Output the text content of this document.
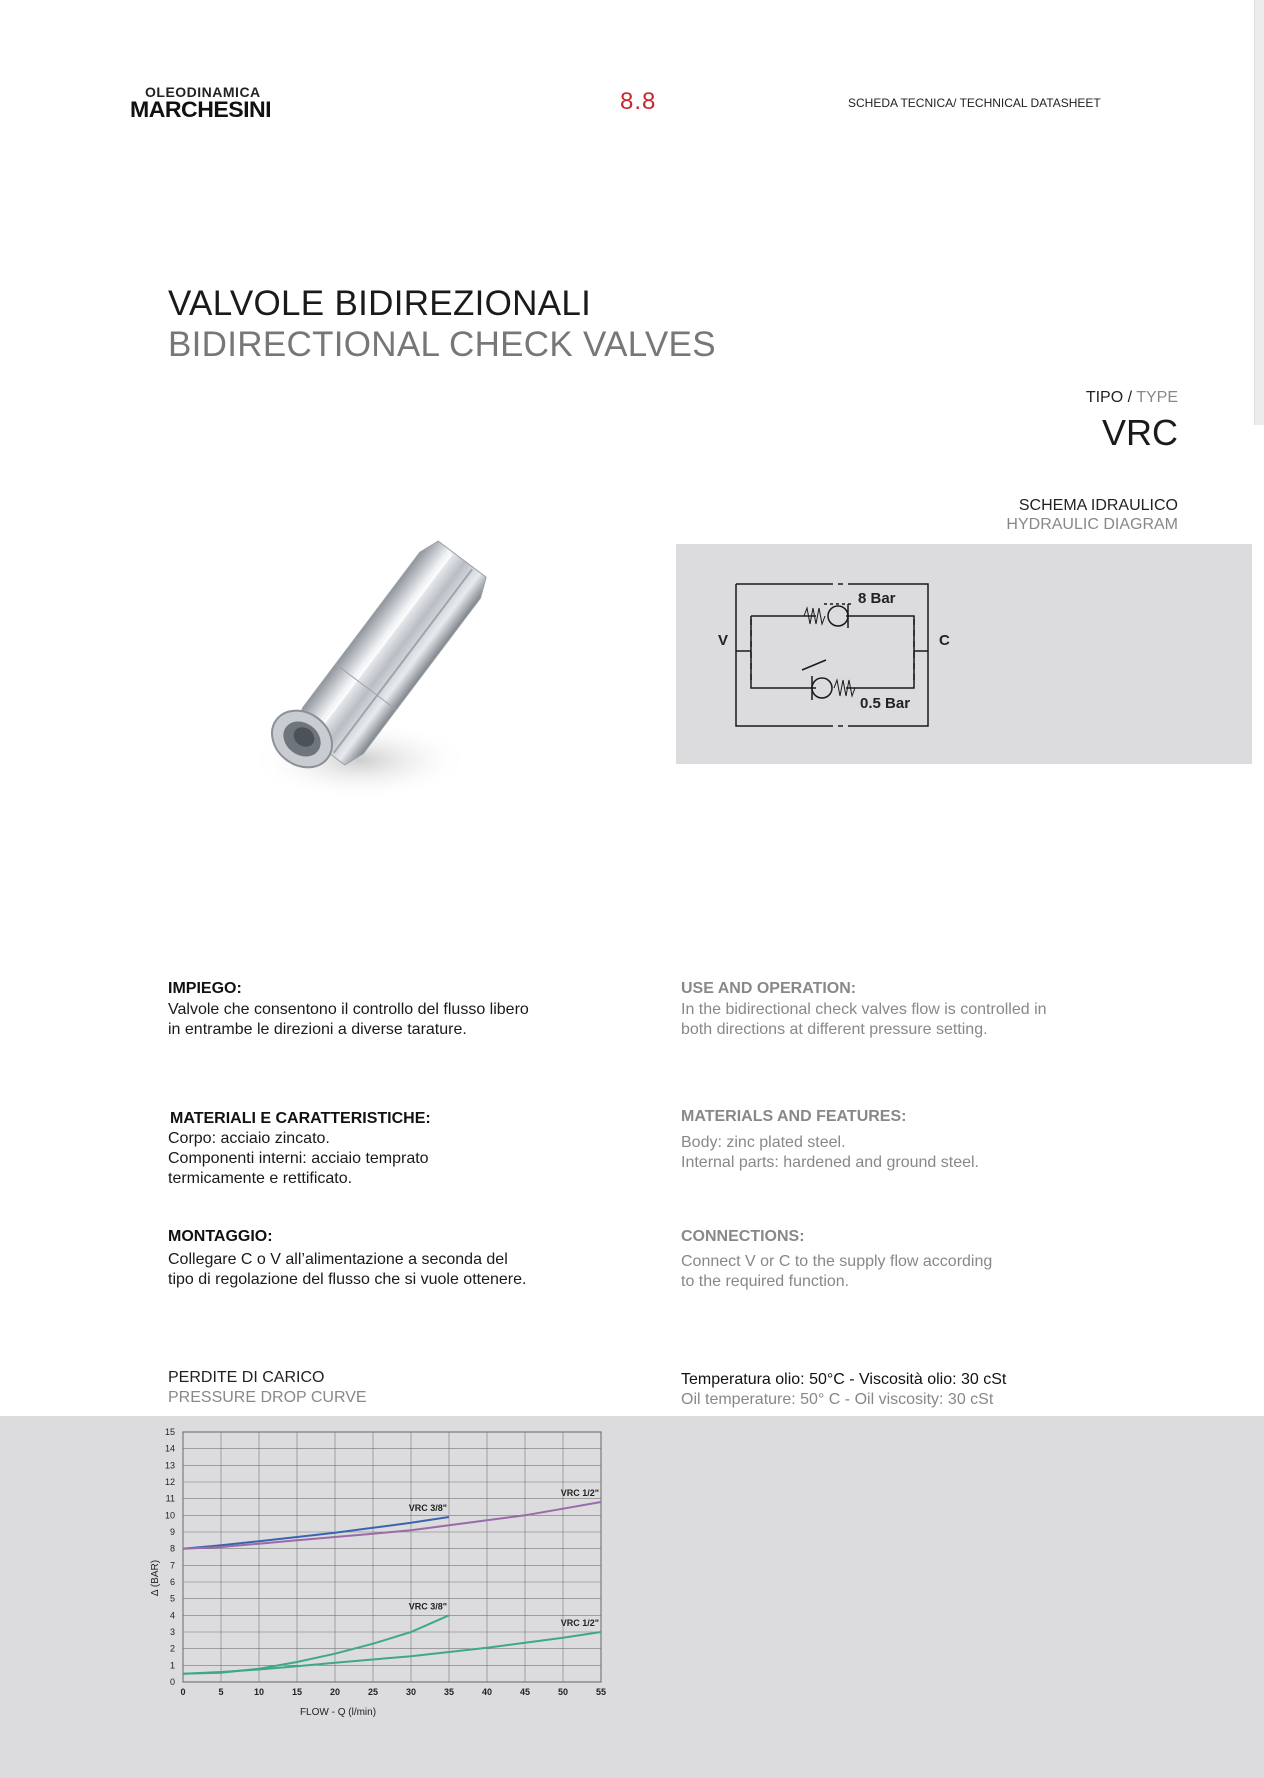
OLEODINAMICA
MARCHESINI	8.8	SCHEDA TECNICA/ TECHNICAL DATASHEET
VALVOLE BIDIREZIONALI
BIDIRECTIONAL CHECK VALVES
TIPO / TYPE
VRC
SCHEMA IDRAULICO
HYDRAULIC DIAGRAM
V	C
8 Bar
0.5 Bar
IMPIEGO:
Valvole che consentono il controllo del flusso libero
in entrambe le direzioni a diverse tarature.
USE AND OPERATION:
In the bidirectional check valves flow is controlled in
both directions at different pressure setting.
MATERIALI E CARATTERISTICHE:
Corpo: acciaio zincato.
Componenti interni: acciaio temprato
termicamente e rettificato.
MATERIALS AND FEATURES:
Body: zinc plated steel.
Internal parts: hardened and ground steel.
MONTAGGIO:
Collegare C o V all’alimentazione a seconda del
tipo di regolazione del flusso che si vuole ottenere.
CONNECTIONS:
Connect V or C to the supply flow according
to the required function.
PERDITE DI CARICO
PRESSURE DROP CURVE
Temperatura olio: 50°C - Viscosità olio: 30 cSt
Oil temperature: 50° C - Oil viscosity: 30 cSt
0
1
2
3
4
5
6
7
8
9
10
11
12
13
14
15
0	5	10	15	20	25	30	35	40	45	50	55
VRC 3/8"
VRC 1/2"
VRC 3/8"
VRC 1/2"
FLOW - Q (l/min)
Δ (BAR)
